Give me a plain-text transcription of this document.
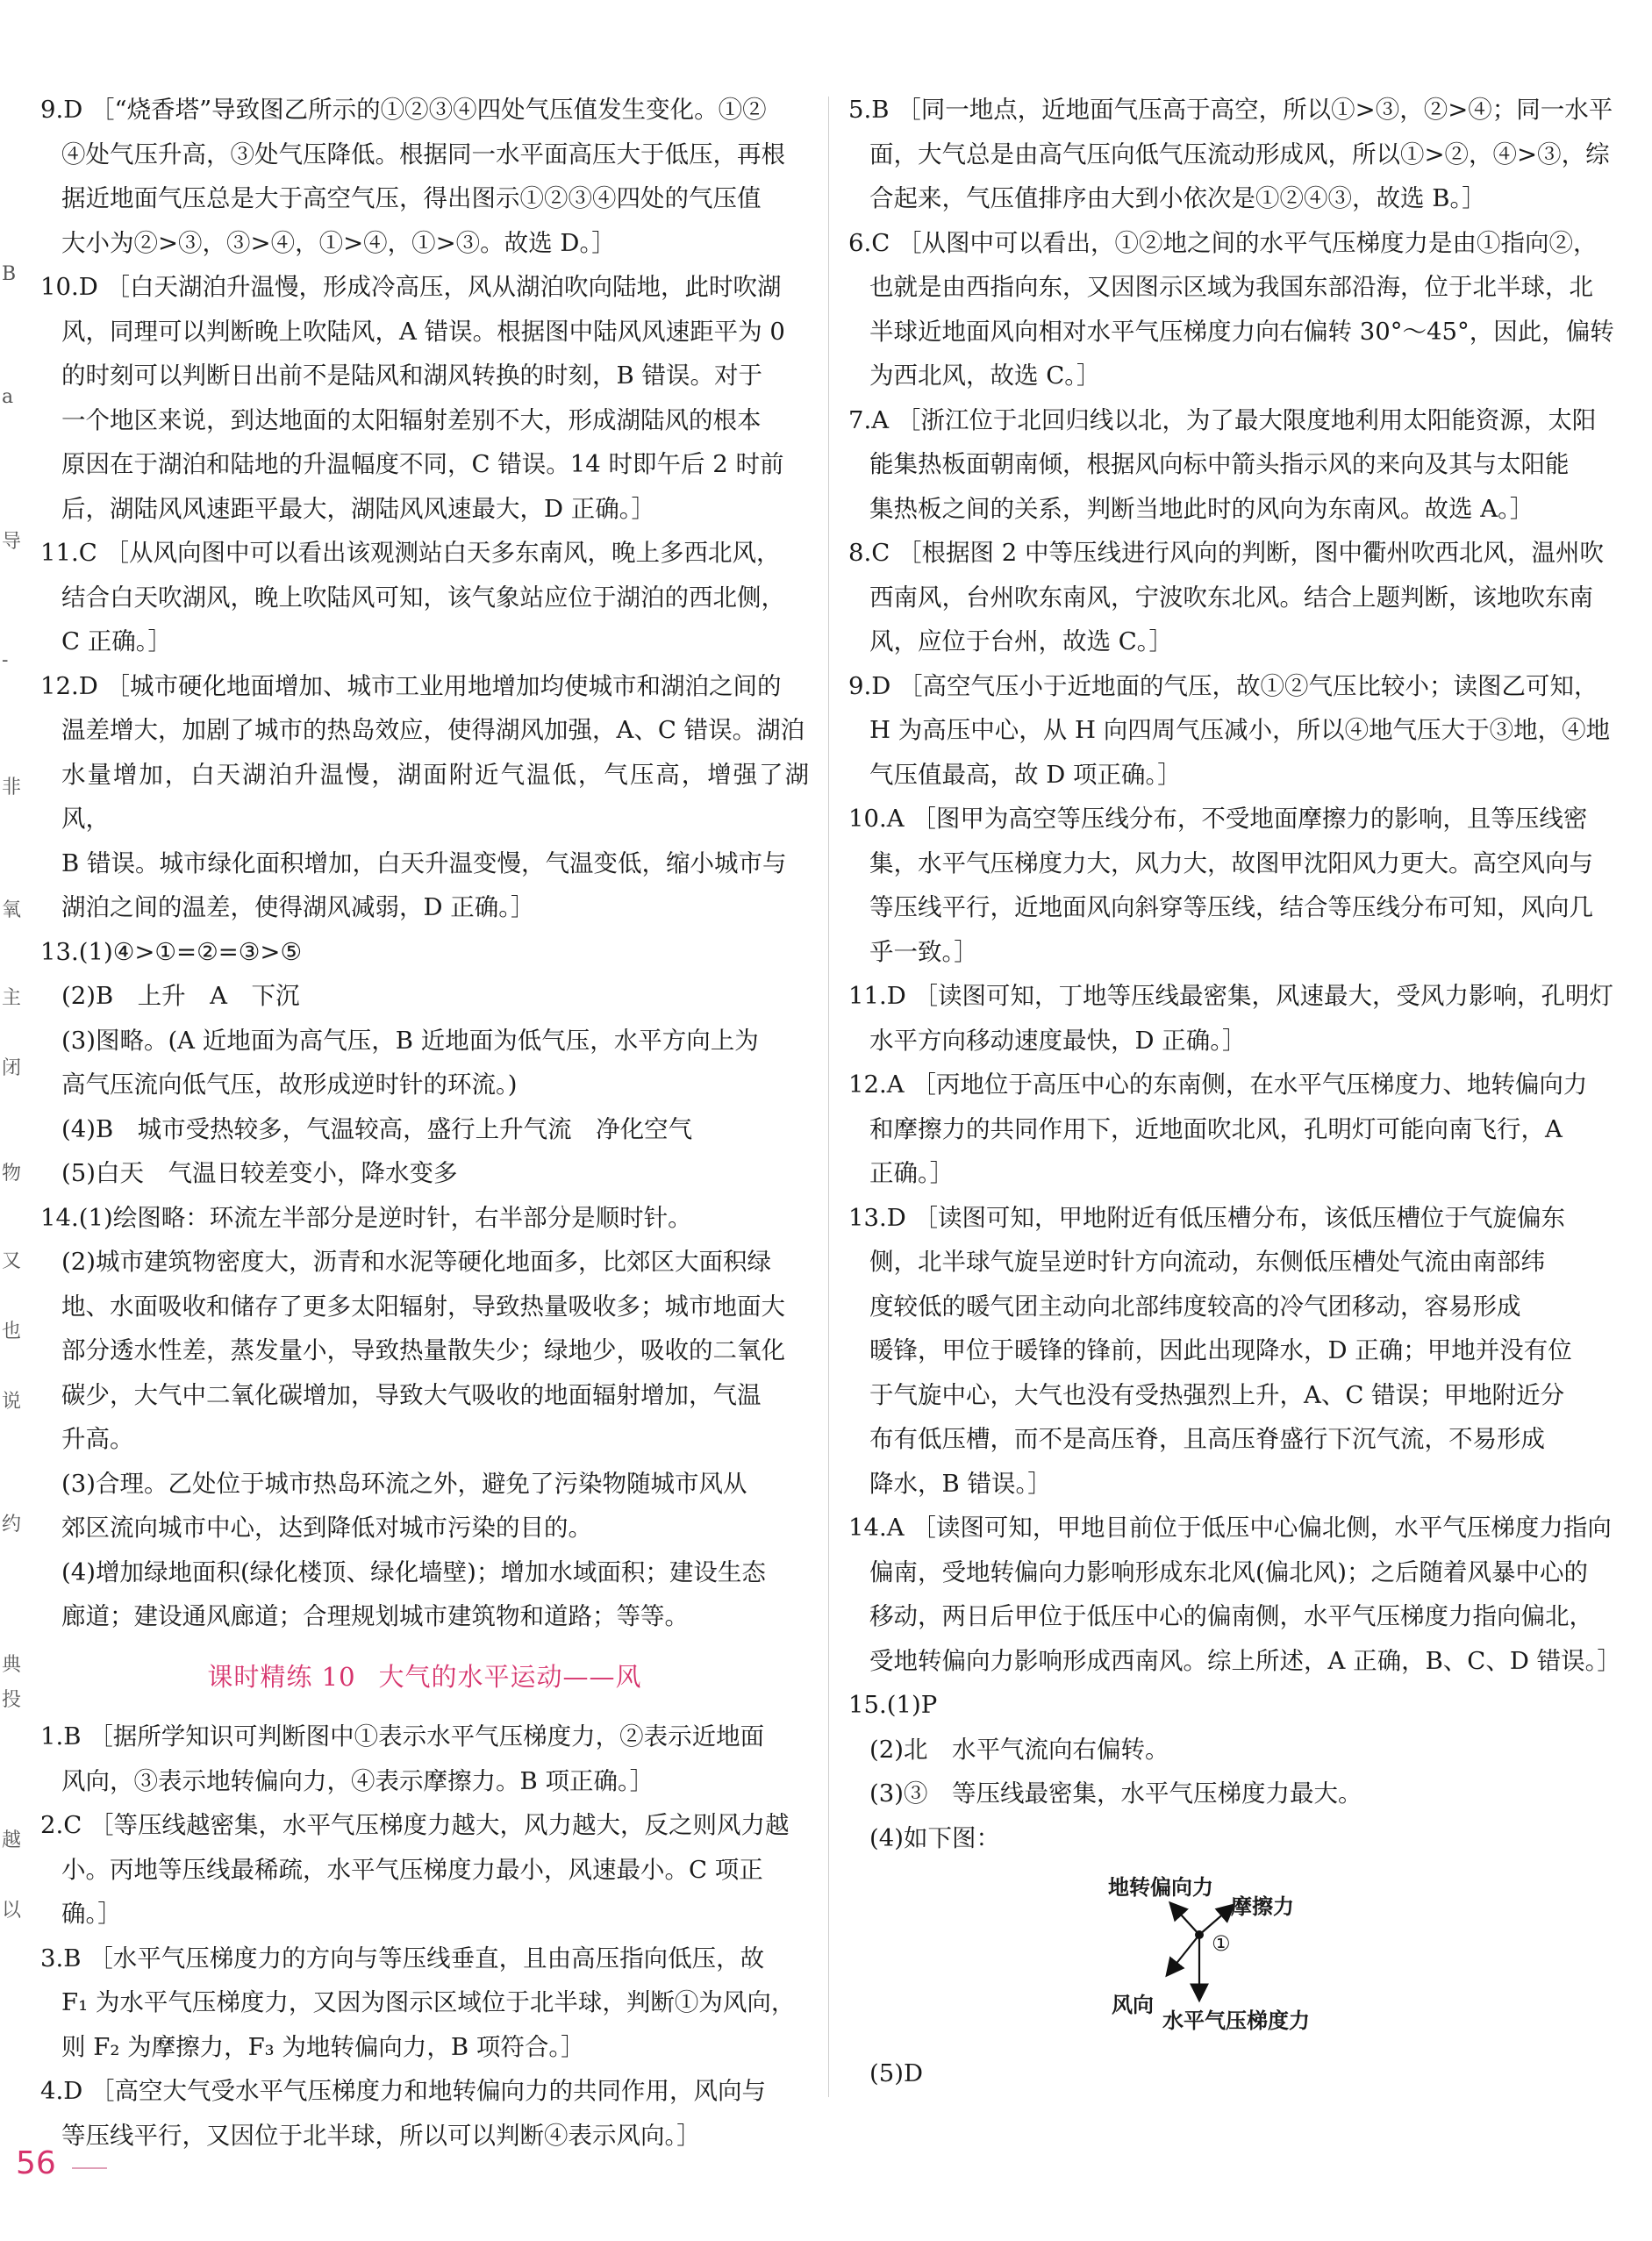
B
a
导
-
非
氧
主
闭
物
又
也
说
约
典
投
越
以
9.D ［“烧香塔”导致图乙所示的①②③④四处气压值发生变化。①②
④处气压升高，③处气压降低。根据同一水平面高压大于低压，再根
据近地面气压总是大于高空气压，得出图示①②③④四处的气压值
大小为②>③，③>④，①>④，①>③。故选 D。］
10.D ［白天湖泊升温慢，形成冷高压，风从湖泊吹向陆地，此时吹湖
风，同理可以判断晚上吹陆风，A 错误。根据图中陆风风速距平为 0
的时刻可以判断日出前不是陆风和湖风转换的时刻，B 错误。对于
一个地区来说，到达地面的太阳辐射差别不大，形成湖陆风的根本
原因在于湖泊和陆地的升温幅度不同，C 错误。14 时即午后 2 时前
后，湖陆风风速距平最大，湖陆风风速最大，D 正确。］
11.C ［从风向图中可以看出该观测站白天多东南风，晚上多西北风，
结合白天吹湖风，晚上吹陆风可知，该气象站应位于湖泊的西北侧，
C 正确。］
12.D ［城市硬化地面增加、城市工业用地增加均使城市和湖泊之间的
温差增大，加剧了城市的热岛效应，使得湖风加强，A、C 错误。湖泊
水量增加，白天湖泊升温慢，湖面附近气温低，气压高，增强了湖风，
B 错误。城市绿化面积增加，白天升温变慢，气温变低，缩小城市与
湖泊之间的温差，使得湖风减弱，D 正确。］
13.(1)④>①=②=③>⑤
(2)B　上升　A　下沉
(3)图略。(A 近地面为高气压，B 近地面为低气压，水平方向上为
高气压流向低气压，故形成逆时针的环流。)
(4)B　城市受热较多，气温较高，盛行上升气流　净化空气
(5)白天　气温日较差变小，降水变多
14.(1)绘图略：环流左半部分是逆时针，右半部分是顺时针。
(2)城市建筑物密度大，沥青和水泥等硬化地面多，比郊区大面积绿
地、水面吸收和储存了更多太阳辐射，导致热量吸收多；城市地面大
部分透水性差，蒸发量小，导致热量散失少；绿地少，吸收的二氧化
碳少，大气中二氧化碳增加，导致大气吸收的地面辐射增加，气温
升高。
(3)合理。乙处位于城市热岛环流之外，避免了污染物随城市风从
郊区流向城市中心，达到降低对城市污染的目的。
(4)增加绿地面积(绿化楼顶、绿化墙壁)；增加水域面积；建设生态
廊道；建设通风廊道；合理规划城市建筑物和道路；等等。
课时精练 10 大气的水平运动——风
1.B ［据所学知识可判断图中①表示水平气压梯度力，②表示近地面
风向，③表示地转偏向力，④表示摩擦力。B 项正确。］
2.C ［等压线越密集，水平气压梯度力越大，风力越大，反之则风力越
小。丙地等压线最稀疏，水平气压梯度力最小，风速最小。C 项正
确。］
3.B ［水平气压梯度力的方向与等压线垂直，且由高压指向低压，故
F₁ 为水平气压梯度力，又因为图示区域位于北半球，判断①为风向，
则 F₂ 为摩擦力，F₃ 为地转偏向力，B 项符合。］
4.D ［高空大气受水平气压梯度力和地转偏向力的共同作用，风向与
等压线平行，又因位于北半球，所以可以判断④表示风向。］
5.B ［同一地点，近地面气压高于高空，所以①>③，②>④；同一水平
面，大气总是由高气压向低气压流动形成风，所以①>②，④>③，综
合起来，气压值排序由大到小依次是①②④③，故选 B。］
6.C ［从图中可以看出，①②地之间的水平气压梯度力是由①指向②，
也就是由西指向东，又因图示区域为我国东部沿海，位于北半球，北
半球近地面风向相对水平气压梯度力向右偏转 30°～45°，因此，偏转
为西北风，故选 C。］
7.A ［浙江位于北回归线以北，为了最大限度地利用太阳能资源，太阳
能集热板面朝南倾，根据风向标中箭头指示风的来向及其与太阳能
集热板之间的关系，判断当地此时的风向为东南风。故选 A。］
8.C ［根据图 2 中等压线进行风向的判断，图中衢州吹西北风，温州吹
西南风，台州吹东南风，宁波吹东北风。结合上题判断，该地吹东南
风，应位于台州，故选 C。］
9.D ［高空气压小于近地面的气压，故①②气压比较小；读图乙可知，
H 为高压中心，从 H 向四周气压减小，所以④地气压大于③地，④地
气压值最高，故 D 项正确。］
10.A ［图甲为高空等压线分布，不受地面摩擦力的影响，且等压线密
集，水平气压梯度力大，风力大，故图甲沈阳风力更大。高空风向与
等压线平行，近地面风向斜穿等压线，结合等压线分布可知，风向几
乎一致。］
11.D ［读图可知，丁地等压线最密集，风速最大，受风力影响，孔明灯
水平方向移动速度最快，D 正确。］
12.A ［丙地位于高压中心的东南侧，在水平气压梯度力、地转偏向力
和摩擦力的共同作用下，近地面吹北风，孔明灯可能向南飞行，A
正确。］
13.D ［读图可知，甲地附近有低压槽分布，该低压槽位于气旋偏东
侧，北半球气旋呈逆时针方向流动，东侧低压槽处气流由南部纬
度较低的暖气团主动向北部纬度较高的冷气团移动，容易形成
暖锋，甲位于暖锋的锋前，因此出现降水，D 正确；甲地并没有位
于气旋中心，大气也没有受热强烈上升，A、C 错误；甲地附近分
布有低压槽，而不是高压脊，且高压脊盛行下沉气流，不易形成
降水，B 错误。］
14.A ［读图可知，甲地目前位于低压中心偏北侧，水平气压梯度力指向
偏南，受地转偏向力影响形成东北风(偏北风)；之后随着风暴中心的
移动，两日后甲位于低压中心的偏南侧，水平气压梯度力指向偏北，
受地转偏向力影响形成西南风。综上所述，A 正确，B、C、D 错误。］
15.(1)P
(2)北　水平气流向右偏转。
(3)③　等压线最密集，水平气压梯度力最大。
(4)如下图：
地转偏向力
摩擦力
①
风向
水平气压梯度力
(5)D
56
